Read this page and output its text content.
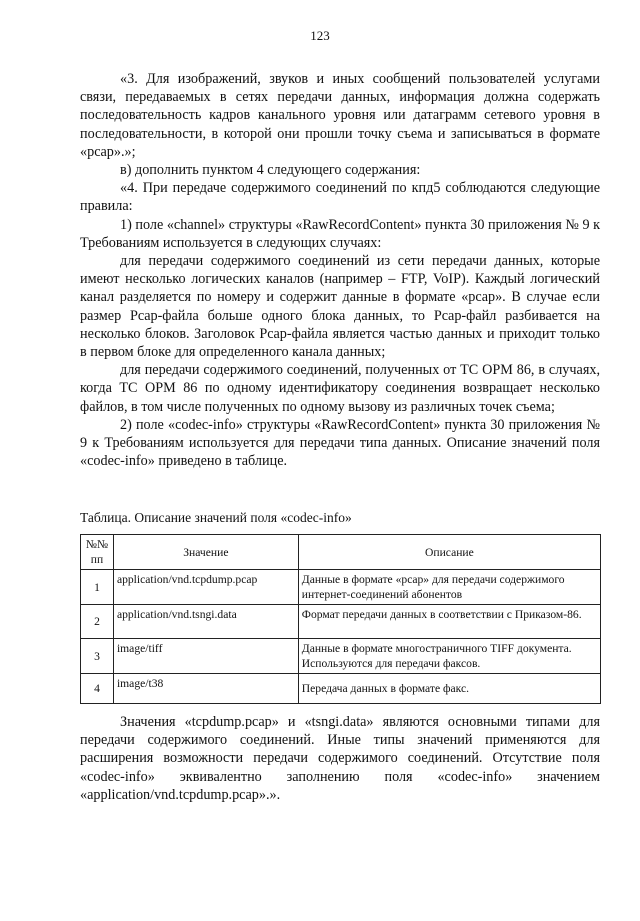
123

«3. Для изображений, звуков и иных сообщений пользователей услугами связи, передаваемых в сетях передачи данных, информация должна содержать последовательность кадров канального уровня или датаграмм сетевого уровня в последовательности, в которой они прошли точку съема и записываться в формате «pcap».»;

в) дополнить пунктом 4 следующего содержания:

«4. При передаче содержимого соединений по кпд5 соблюдаются следующие правила:

1) поле «channel» структуры «RawRecordContent» пункта 30 приложения № 9 к Требованиям используется в следующих случаях:

для передачи содержимого соединений из сети передачи данных, которые имеют несколько логических каналов (например – FTP, VoIP). Каждый логический канал разделяется по номеру и содержит данные в формате «pcap». В случае если размер Pcap-файла больше одного блока данных, то Pcap-файл разбивается на несколько блоков. Заголовок Pcap-файла является частью данных и приходит только в первом блоке для определенного канала данных;

для передачи содержимого соединений, полученных от ТС ОРМ 86, в случаях, когда ТС ОРМ 86 по одному идентификатору соединения возвращает несколько файлов, в том числе полученных по одному вызову из различных точек съема;

2) поле «codec-info» структуры «RawRecordContent» пункта 30 приложения № 9 к Требованиям используется для передачи типа данных. Описание значений поля «codec-info» приведено в таблице.

Таблица. Описание значений поля «codec-info»
№№ пп	Значение	Описание
1	application/vnd.tcpdump.pcap	Данные в формате «pcap» для передачи содержимого интернет-соединений абонентов
2	application/vnd.tsngi.data	Формат передачи данных в соответствии с Приказом-86.
3	image/tiff	Данные в формате многостраничного TIFF документа. Используются для передачи факсов.
4	image/t38	Передача данных в формате факс.

Значения «tcpdump.pcap» и «tsngi.data» являются основными типами для передачи содержимого соединений. Иные типы значений применяются для расширения возможности передачи содержимого соединений. Отсутствие поля «codec-info» эквивалентно заполнению поля «codec-info» значением «application/vnd.tcpdump.pcap».».
